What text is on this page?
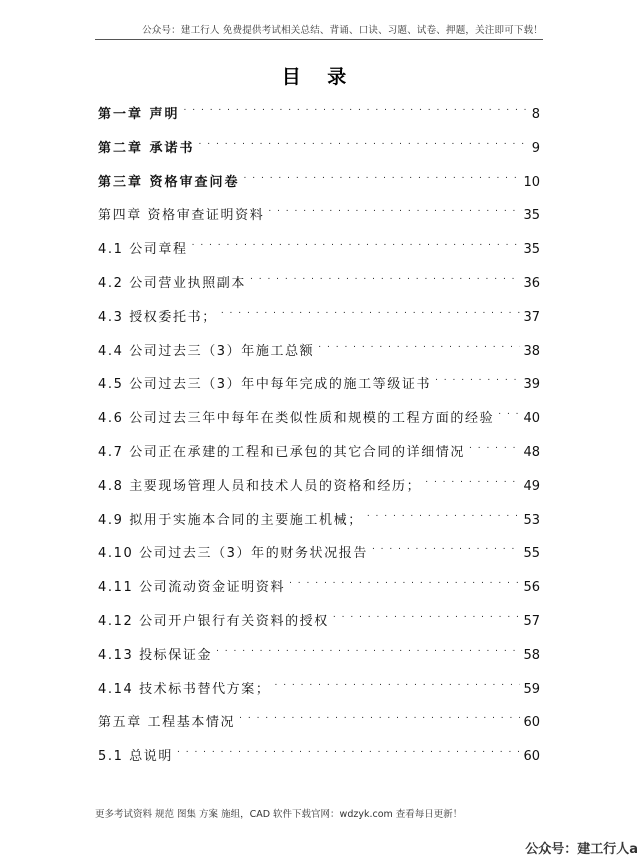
公众号：建工行人 免费提供考试相关总结、背诵、口诀、习题、试卷、押题，关注即可下载！
目 录
第一章 声明 . . .	8
第二章 承诺书 . . .	9
第三章 资格审查问卷 . . .	10
第四章 资格审查证明资料 . . .	35
4.1 公司章程 . . .	35
4.2 公司营业执照副本 . . .	36
4.3 授权委托书； . . .	37
4.4 公司过去三（3）年施工总额 . . .	38
4.5 公司过去三（3）年中每年完成的施工等级证书 . . .	39
4.6 公司过去三年中每年在类似性质和规模的工程方面的经验 . . . 40
4.7 公司正在承建的工程和已承包的其它合同的详细情况 . . .	48
4.8 主要现场管理人员和技术人员的资格和经历； . . .	49
4.9 拟用于实施本合同的主要施工机械； . . .	53
4.10 公司过去三（3）年的财务状况报告 . . .	55
4.11 公司流动资金证明资料 . . .	56
4.12 公司开户银行有关资料的授权 . . .	57
4.13 投标保证金 . . .	58
4.14 技术标书替代方案； . . .	59
第五章 工程基本情况 . . .	60
5.1 总说明 . . .	60
更多考试资料 规范 图集 方案 施组，CAD 软件下载官网：wdzyk.com 查看每日更新！
公众号：建工行人a
